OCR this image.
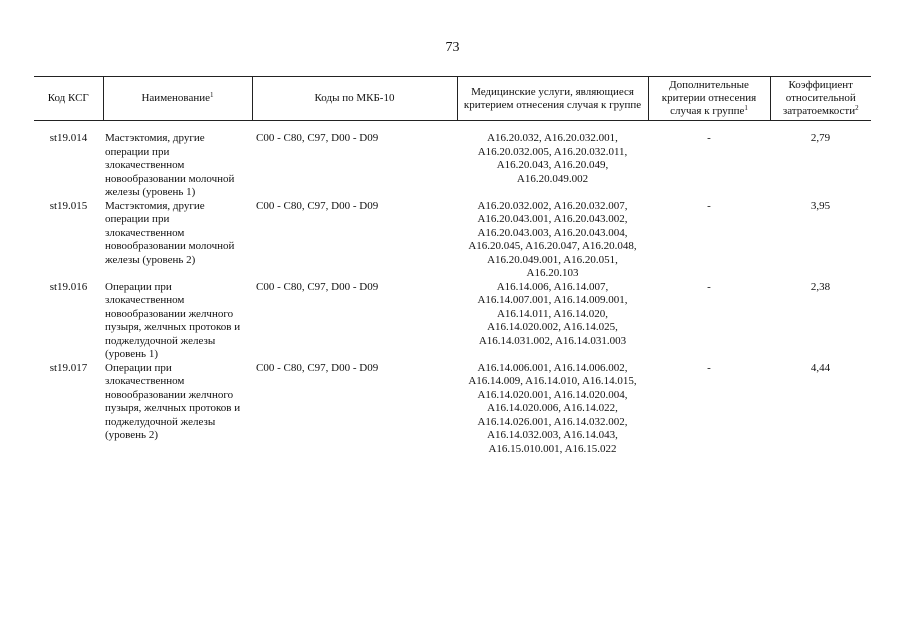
73
Код КСГ	Наименование$^1$	Коды по МКБ-10	Медицинские услуги, являющиеся критерием отнесения случая к группе	Дополнительные критерии отнесения случая к группе$^1$	Коэффициент относительной затратоемкости$^2$

st19.014	Мастэктомия, другие операции при злокачественном новообразовании молочной железы (уровень 1)	C00 - C80, C97, D00 - D09	A16.20.032, A16.20.032.001, A16.20.032.005, A16.20.032.011, A16.20.043, A16.20.049, A16.20.049.002	-	2,79
st19.015	Мастэктомия, другие операции при злокачественном новообразовании молочной железы (уровень 2)	C00 - C80, C97, D00 - D09	A16.20.032.002, A16.20.032.007, A16.20.043.001, A16.20.043.002, A16.20.043.003, A16.20.043.004, A16.20.045, A16.20.047, A16.20.048, A16.20.049.001, A16.20.051, A16.20.103	-	3,95
st19.016	Операции при злокачественном новообразовании желчного пузыря, желчных протоков и поджелудочной железы (уровень 1)	C00 - C80, C97, D00 - D09	A16.14.006, A16.14.007, A16.14.007.001, A16.14.009.001, A16.14.011, A16.14.020, A16.14.020.002, A16.14.025, A16.14.031.002, A16.14.031.003	-	2,38
st19.017	Операции при злокачественном новообразовании желчного пузыря, желчных протоков и поджелудочной железы (уровень 2)	C00 - C80, C97, D00 - D09	A16.14.006.001, A16.14.006.002, A16.14.009, A16.14.010, A16.14.015, A16.14.020.001, A16.14.020.004, A16.14.020.006, A16.14.022, A16.14.026.001, A16.14.032.002, A16.14.032.003, A16.14.043, A16.15.010.001, A16.15.022	-	4,44
